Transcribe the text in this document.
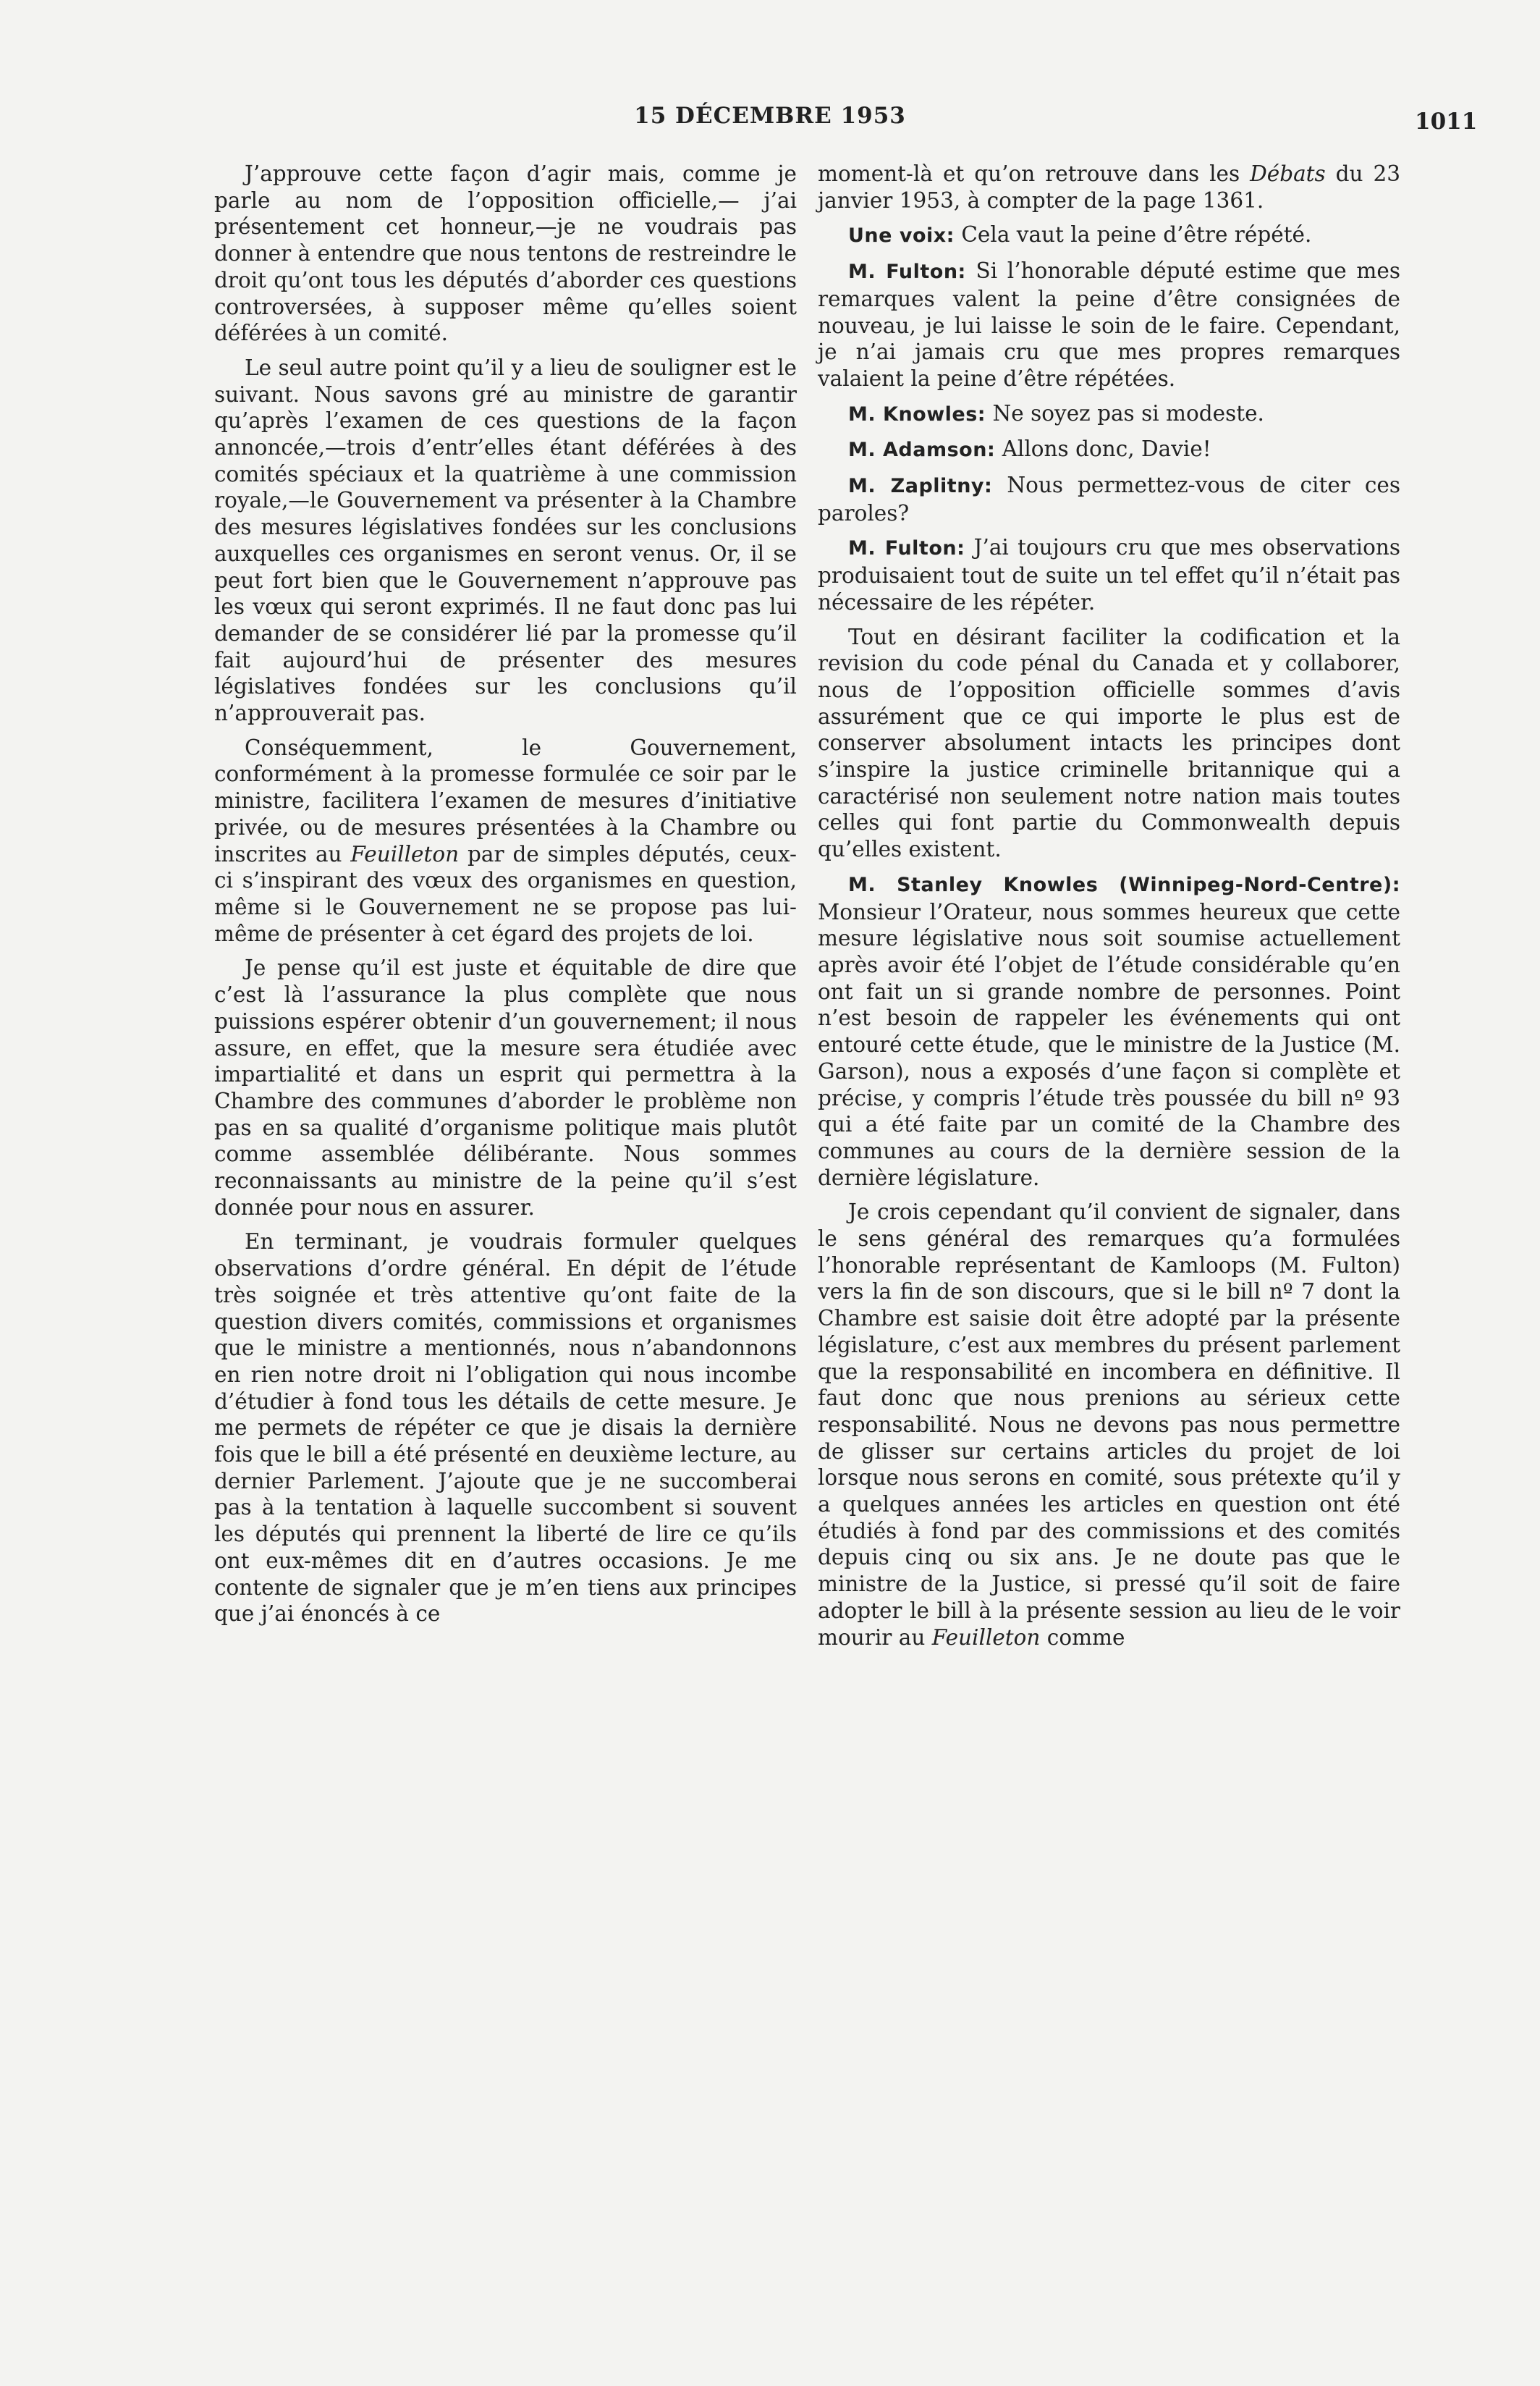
15 DÉCEMBRE 1953	1011

J’approuve cette façon d’agir mais, comme je parle au nom de l’opposition officielle,— j’ai présentement cet honneur,—je ne voudrais pas donner à entendre que nous tentons de restreindre le droit qu’ont tous les députés d’aborder ces questions controversées, à supposer même qu’elles soient déférées à un comité.

Le seul autre point qu’il y a lieu de souligner est le suivant. Nous savons gré au ministre de garantir qu’après l’examen de ces questions de la façon annoncée,—trois d’entr’elles étant déférées à des comités spéciaux et la quatrième à une commission royale,—le Gouvernement va présenter à la Chambre des mesures législatives fondées sur les conclusions auxquelles ces organismes en seront venus. Or, il se peut fort bien que le Gouvernement n’approuve pas les vœux qui seront exprimés. Il ne faut donc pas lui demander de se considérer lié par la promesse qu’il fait aujourd’hui de présenter des mesures législatives fondées sur les conclusions qu’il n’approuverait pas.

Conséquemment, le Gouvernement, conformément à la promesse formulée ce soir par le ministre, facilitera l’examen de mesures d’initiative privée, ou de mesures présentées à la Chambre ou inscrites au Feuilleton par de simples députés, ceux-ci s’inspirant des vœux des organismes en question, même si le Gouvernement ne se propose pas lui-même de présenter à cet égard des projets de loi.

Je pense qu’il est juste et équitable de dire que c’est là l’assurance la plus complète que nous puissions espérer obtenir d’un gouvernement; il nous assure, en effet, que la mesure sera étudiée avec impartialité et dans un esprit qui permettra à la Chambre des communes d’aborder le problème non pas en sa qualité d’organisme politique mais plutôt comme assemblée délibérante. Nous sommes reconnaissants au ministre de la peine qu’il s’est donnée pour nous en assurer.

En terminant, je voudrais formuler quelques observations d’ordre général. En dépit de l’étude très soignée et très attentive qu’ont faite de la question divers comités, commissions et organismes que le ministre a mentionnés, nous n’abandonnons en rien notre droit ni l’obligation qui nous incombe d’étudier à fond tous les détails de cette mesure. Je me permets de répéter ce que je disais la dernière fois que le bill a été présenté en deuxième lecture, au dernier Parlement. J’ajoute que je ne succomberai pas à la tentation à laquelle succombent si souvent les députés qui prennent la liberté de lire ce qu’ils ont eux-mêmes dit en d’autres occasions. Je me contente de signaler que je m’en tiens aux principes que j’ai énoncés à ce

moment-là et qu’on retrouve dans les Débats du 23 janvier 1953, à compter de la page 1361.

Une voix: Cela vaut la peine d’être répété.

M. Fulton: Si l’honorable député estime que mes remarques valent la peine d’être consignées de nouveau, je lui laisse le soin de le faire. Cependant, je n’ai jamais cru que mes propres remarques valaient la peine d’être répétées.

M. Knowles: Ne soyez pas si modeste.

M. Adamson: Allons donc, Davie!

M. Zaplitny: Nous permettez-vous de citer ces paroles?

M. Fulton: J’ai toujours cru que mes observations produisaient tout de suite un tel effet qu’il n’était pas nécessaire de les répéter.

Tout en désirant faciliter la codification et la revision du code pénal du Canada et y collaborer, nous de l’opposition officielle sommes d’avis assurément que ce qui importe le plus est de conserver absolument intacts les principes dont s’inspire la justice criminelle britannique qui a caractérisé non seulement notre nation mais toutes celles qui font partie du Commonwealth depuis qu’elles existent.

M. Stanley Knowles (Winnipeg-Nord-Centre): Monsieur l’Orateur, nous sommes heureux que cette mesure législative nous soit soumise actuellement après avoir été l’objet de l’étude considérable qu’en ont fait un si grande nombre de personnes. Point n’est besoin de rappeler les événements qui ont entouré cette étude, que le ministre de la Justice (M. Garson), nous a exposés d’une façon si complète et précise, y compris l’étude très poussée du bill nº 93 qui a été faite par un comité de la Chambre des communes au cours de la dernière session de la dernière législature.

Je crois cependant qu’il convient de signaler, dans le sens général des remarques qu’a formulées l’honorable représentant de Kamloops (M. Fulton) vers la fin de son discours, que si le bill nº 7 dont la Chambre est saisie doit être adopté par la présente législature, c’est aux membres du présent parlement que la responsabilité en incombera en définitive. Il faut donc que nous prenions au sérieux cette responsabilité. Nous ne devons pas nous permettre de glisser sur certains articles du projet de loi lorsque nous serons en comité, sous prétexte qu’il y a quelques années les articles en question ont été étudiés à fond par des commissions et des comités depuis cinq ou six ans. Je ne doute pas que le ministre de la Justice, si pressé qu’il soit de faire adopter le bill à la présente session au lieu de le voir mourir au Feuilleton comme
